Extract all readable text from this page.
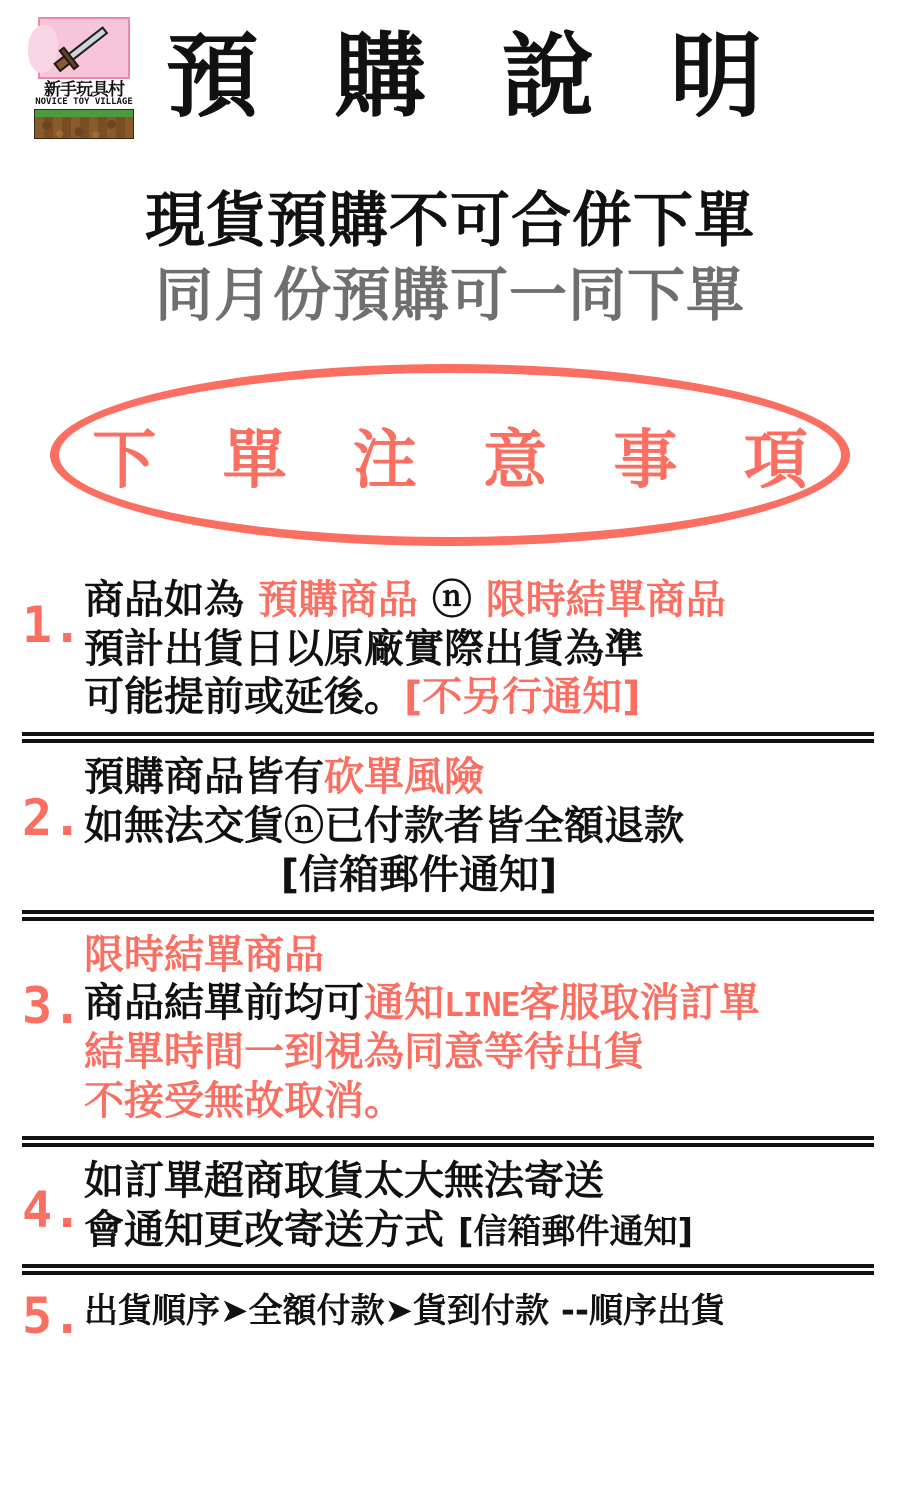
新手玩具村
NOVICE TOY VILLAGE 預 購 說 明
現貨預購不可合併下單
同月份預購可一同下單
下 單 注 意 事 項
1. 商品如為 預購商品 ⓝ 限時結單商品
預計出貨日以原廠實際出貨為準
可能提前或延後。[不另行通知]
2.
預購商品皆有砍單風險
如無法交貨ⓝ已付款者皆全額退款
[信箱郵件通知]
3.
限時結單商品
商品結單前均可通知LINE客服取消訂單
結單時間一到視為同意等待出貨
不接受無故取消。
4. 如訂單超商取貨太大無法寄送
會通知更改寄送方式 [信箱郵件通知]
5. 出貨順序➤全額付款➤貨到付款 --順序出貨
